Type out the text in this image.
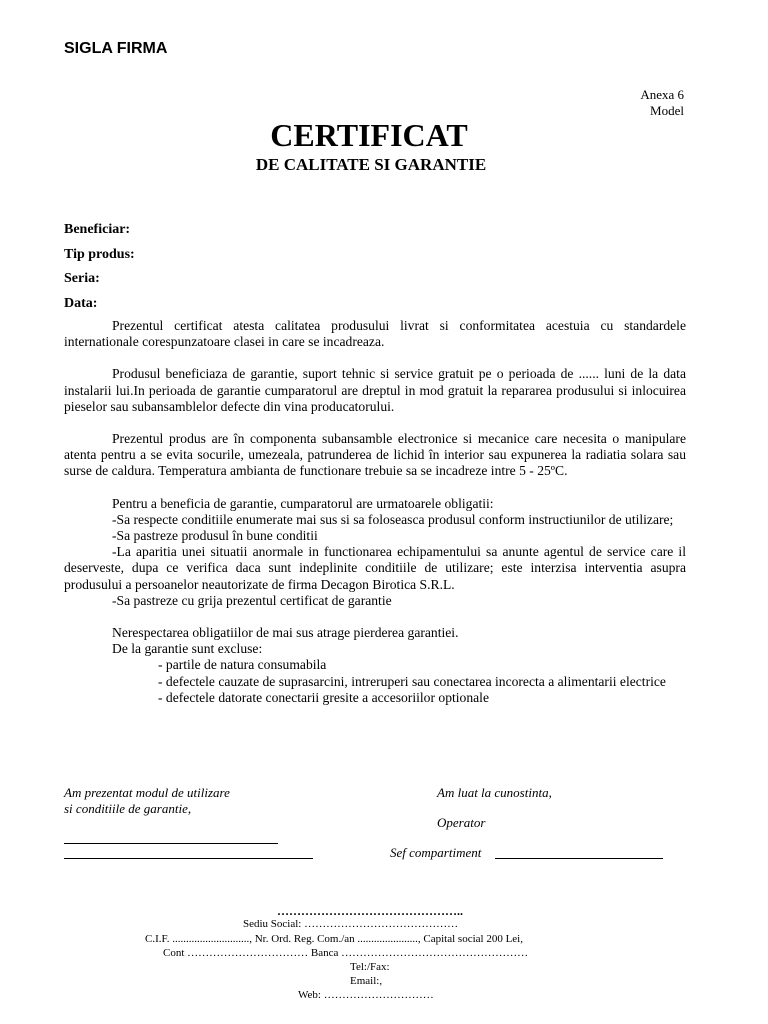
SIGLA FIRMA
Anexa 6
Model
CERTIFICAT
DE CALITATE SI GARANTIE
Beneficiar:
Tip produs:
Seria:
Data:

Prezentul certificat atesta calitatea produsului livrat si conformitatea acestuia cu standardele internationale corespunzatoare clasei in care se incadreaza.

Produsul beneficiaza de garantie, suport tehnic si service gratuit pe o perioada de ...... luni de la data instalarii lui.In perioada de garantie cumparatorul are dreptul in mod gratuit la repararea produsului si inlocuirea pieselor sau subansamblelor defecte din vina producatorului.

Prezentul produs are în componenta subansamble electronice si mecanice care necesita o manipulare atenta pentru a se evita socurile, umezeala, patrunderea de lichid în interior sau expunerea la radiatia solara sau surse de caldura. Temperatura ambianta de functionare trebuie sa se incadreze intre 5 - 25ºC.

Pentru a beneficia de garantie, cumparatorul are urmatoarele obligatii:

-Sa respecte conditiile enumerate mai sus si sa foloseasca produsul conform instructiunilor de utilizare;

-Sa pastreze produsul în bune conditii

-La aparitia unei situatii anormale in functionarea echipamentului sa anunte agentul de service care il deserveste, dupa ce verifica daca sunt indeplinite conditiile de utilizare; este interzisa interventia asupra produsului a persoanelor neautorizate de firma Decagon Birotica S.R.L.

-Sa pastreze cu grija prezentul certificat de garantie

Nerespectarea obligatiilor de mai sus atrage pierderea garantiei.

De la garantie sunt excluse:

- partile de natura consumabila

- defectele cauzate de suprasarcini, intreruperi sau conectarea incorecta a alimentarii electrice

- defectele datorate conectarii gresite a accesoriilor optionale

Am prezentat modul de utilizare
si conditiile de garantie,
Am luat la cunostinta,
Operator
Sef compartiment
………………………………………..
Sediu Social: ……………………………………
C.I.F. ............................, Nr. Ord. Reg. Com./an ......................, Capital social 200 Lei,
Cont …………………………… Banca ……………………………………………
Tel:/Fax:
Email:,
Web: …………………………
